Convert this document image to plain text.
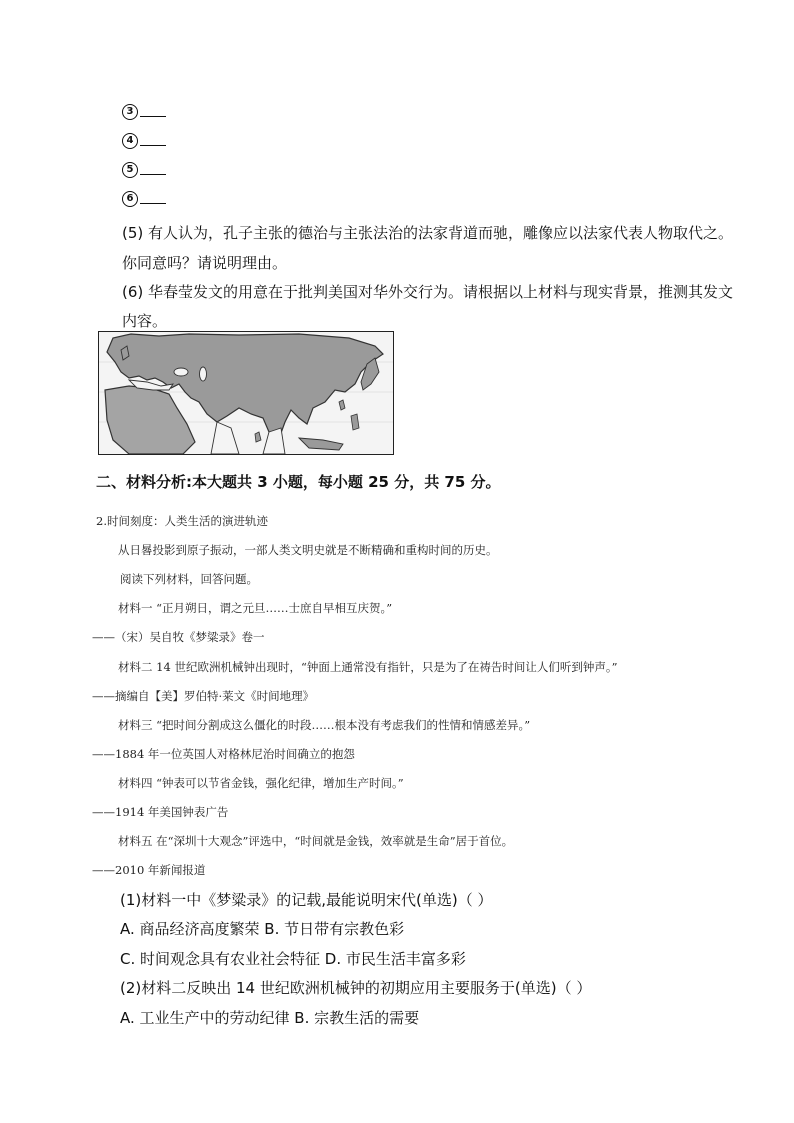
3
4
5
6
(5) 有人认为，孔子主张的德治与主张法治的法家背道而驰，雕像应以法家代表人物取代之。
你同意吗？请说明理由。
(6) 华春莹发文的用意在于批判美国对华外交行为。请根据以上材料与现实背景，推测其发文
内容。
二、材料分析:本大题共 3 小题，每小题 25 分，共 75 分。
2.时间刻度：人类生活的演进轨迹
从日晷投影到原子振动，一部人类文明史就是不断精确和重构时间的历史。
阅读下列材料，回答问题。
材料一 “正月朔日，谓之元旦……士庶自早相互庆贺。”
——（宋）吴自牧《梦粱录》卷一
材料二 14 世纪欧洲机械钟出现时，“钟面上通常没有指针，只是为了在祷告时间让人们听到钟声。”
——摘编自【美】罗伯特·莱文《时间地理》
材料三 “把时间分割成这么僵化的时段……根本没有考虑我们的性情和情感差异。”
——1884 年一位英国人对格林尼治时间确立的抱怨
材料四 “钟表可以节省金钱，强化纪律，增加生产时间。”
——1914 年美国钟表广告
材料五 在“深圳十大观念”评选中，“时间就是金钱，效率就是生命”居于首位。
——2010 年新闻报道
(1)材料一中《梦粱录》的记载,最能说明宋代(单选)（ ）
A. 商品经济高度繁荣 B. 节日带有宗教色彩
C. 时间观念具有农业社会特征 D. 市民生活丰富多彩
(2)材料二反映出 14 世纪欧洲机械钟的初期应用主要服务于(单选)（ ）
A. 工业生产中的劳动纪律 B. 宗教生活的需要
